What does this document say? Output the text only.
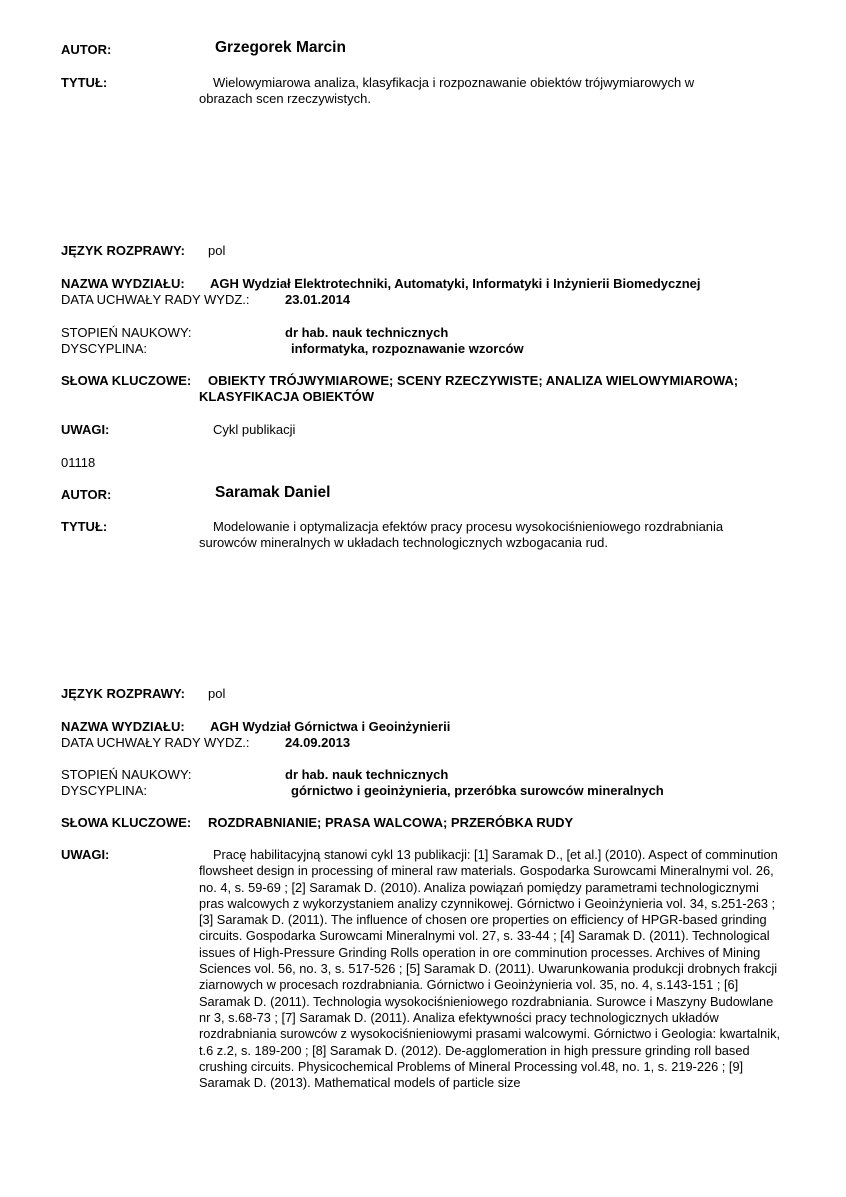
AUTOR:	Grzegorek Marcin
TYTUŁ:	Wielowymiarowa analiza, klasyfikacja i rozpoznawanie obiektów trójwymiarowych w obrazach scen rzeczywistych.
JĘZYK ROZPRAWY: pol
NAZWA WYDZIAŁU: AGH Wydział Elektrotechniki, Automatyki, Informatyki i Inżynierii Biomedycznej
DATA UCHWAŁY RADY WYDZ.:	23.01.2014
STOPIEŃ NAUKOWY:	dr hab. nauk technicznych
DYSCYPLINA:	informatyka, rozpoznawanie wzorców
SŁOWA KLUCZOWE: OBIEKTY TRÓJWYMIAROWE; SCENY RZECZYWISTE; ANALIZA WIELOWYMIAROWA;
KLASYFIKACJA OBIEKTÓW
UWAGI:	Cykl publikacji
01118
AUTOR:	Saramak Daniel
TYTUŁ:	Modelowanie i optymalizacja efektów pracy procesu wysokociśnieniowego rozdrabniania surowców mineralnych w układach technologicznych wzbogacania rud.
JĘZYK ROZPRAWY: pol
NAZWA WYDZIAŁU: AGH Wydział Górnictwa i Geoinżynierii
DATA UCHWAŁY RADY WYDZ.:	24.09.2013
STOPIEŃ NAUKOWY:	dr hab. nauk technicznych
DYSCYPLINA:	górnictwo i geoinżynieria, przeróbka surowców mineralnych
SŁOWA KLUCZOWE: ROZDRABNIANIE; PRASA WALCOWA; PRZERÓBKA RUDY
UWAGI:	Pracę habilitacyjną stanowi cykl 13 publikacji: [1] Saramak D., [et al.] (2010). Aspect of comminution flowsheet design in processing of mineral raw materials. Gospodarka Surowcami Mineralnymi vol. 26, no. 4, s. 59-69 ; [2] Saramak D. (2010). Analiza powiązań pomiędzy parametrami technologicznymi pras walcowych z wykorzystaniem analizy czynnikowej. Górnictwo i Geoinżynieria vol. 34, s.251-263 ; [3] Saramak D. (2011). The influence of chosen ore properties on efficiency of HPGR-based grinding circuits. Gospodarka Surowcami Mineralnymi vol. 27, s. 33-44 ; [4] Saramak D. (2011). Technological issues of High-Pressure Grinding Rolls operation in ore comminution processes. Archives of Mining Sciences vol. 56, no. 3, s. 517-526 ; [5] Saramak D. (2011). Uwarunkowania produkcji drobnych frakcji ziarnowych w procesach rozdrabniania. Górnictwo i Geoinżynieria vol. 35, no. 4, s.143-151 ; [6] Saramak D. (2011). Technologia wysokociśnieniowego rozdrabniania. Surowce i Maszyny Budowlane nr 3, s.68-73 ; [7] Saramak D. (2011). Analiza efektywności pracy technologicznych układów rozdrabniania surowców z wysokociśnieniowymi prasami walcowymi. Górnictwo i Geologia: kwartalnik, t.6 z.2, s. 189-200 ; [8] Saramak D. (2012). De-agglomeration in high pressure grinding roll based crushing circuits. Physicochemical Problems of Mineral Processing vol.48, no. 1, s. 219-226 ; [9] Saramak D. (2013). Mathematical models of particle size
